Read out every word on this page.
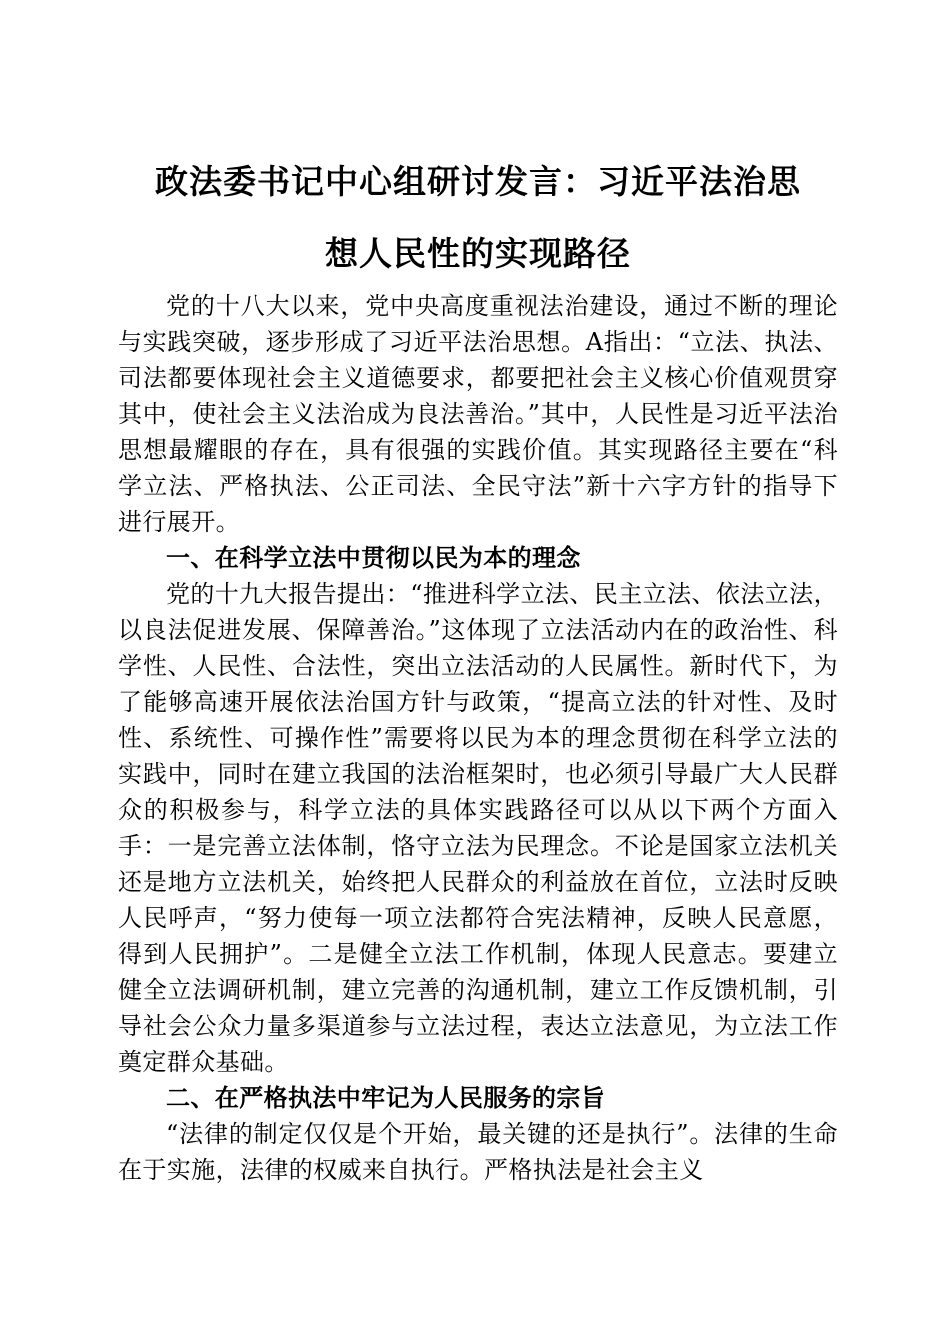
政法委书记中心组研讨发言：习近平法治思
想人民性的实现路径

党的十八大以来，党中央高度重视法治建设，通过不断的理论与实践突破，逐步形成了习近平法治思想。A指出：“立法、执法、司法都要体现社会主义道德要求，都要把社会主义核心价值观贯穿其中，使社会主义法治成为良法善治。”其中，人民性是习近平法治思想最耀眼的存在，具有很强的实践价值。其实现路径主要在“科学立法、严格执法、公正司法、全民守法”新十六字方针的指导下进行展开。

一、在科学立法中贯彻以民为本的理念

党的十九大报告提出：“推进科学立法、民主立法、依法立法，以良法促进发展、保障善治。”这体现了立法活动内在的政治性、科学性、人民性、合法性，突出立法活动的人民属性。新时代下，为了能够高速开展依法治国方针与政策，“提高立法的针对性、及时性、系统性、可操作性”需要将以民为本的理念贯彻在科学立法的实践中，同时在建立我国的法治框架时，也必须引导最广大人民群众的积极参与，科学立法的具体实践路径可以从以下两个方面入手：一是完善立法体制，恪守立法为民理念。不论是国家立法机关还是地方立法机关，始终把人民群众的利益放在首位，立法时反映人民呼声，“努力使每一项立法都符合宪法精神，反映人民意愿，得到人民拥护”。二是健全立法工作机制，体现人民意志。要建立健全立法调研机制，建立完善的沟通机制，建立工作反馈机制，引导社会公众力量多渠道参与立法过程，表达立法意见，为立法工作奠定群众基础。

二、在严格执法中牢记为人民服务的宗旨

“法律的制定仅仅是个开始，最关键的还是执行”。法律的生命在于实施，法律的权威来自执行。严格执法是社会主义
